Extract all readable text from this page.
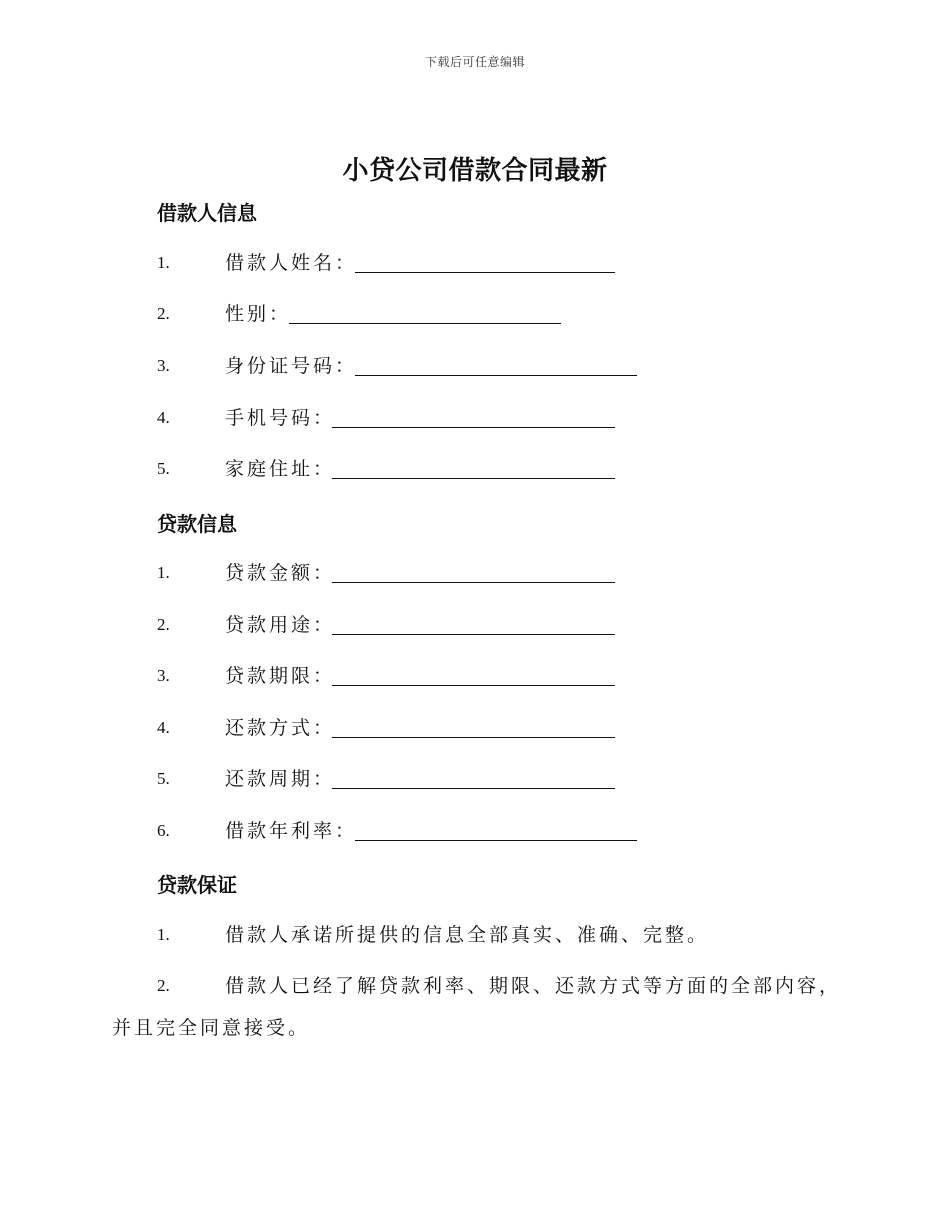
下载后可任意编辑
小贷公司借款合同最新
借款人信息
1.	借款人姓名：
2.	性别：
3.	身份证号码：
4.	手机号码：
5.	家庭住址：
贷款信息
1.	贷款金额：
2.	贷款用途：
3.	贷款期限：
4.	还款方式：
5.	还款周期：
6.	借款年利率：
贷款保证
1.	借款人承诺所提供的信息全部真实、准确、完整。
2.	借款人已经了解贷款利率、期限、还款方式等方面的全部内容，
并且完全同意接受。
